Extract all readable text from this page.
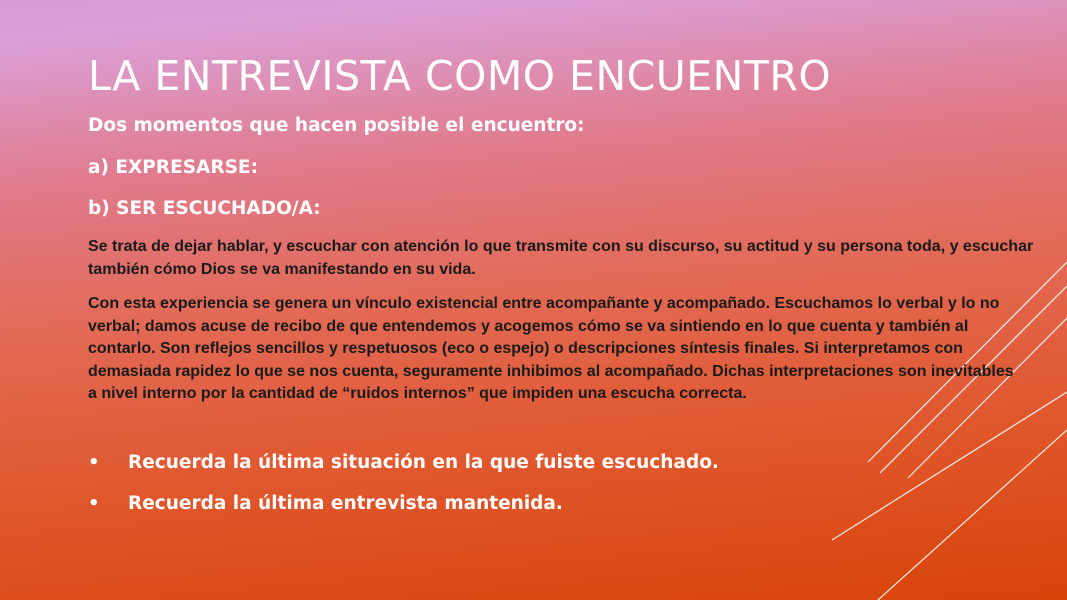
LA ENTREVISTA COMO ENCUENTRO

Dos momentos que hacen posible el encuentro:

a) EXPRESARSE:

b) SER ESCUCHADO/A:

Se trata de dejar hablar, y escuchar con atención lo que transmite con su discurso, su actitud y su persona toda, y escuchar también cómo Dios se va manifestando en su vida.

Con esta experiencia se genera un vínculo existencial entre acompañante y acompañado. Escuchamos lo verbal y lo no verbal; damos acuse de recibo de que entendemos y acogemos cómo se va sintiendo en lo que cuenta y también al contarlo. Son reflejos sencillos y respetuosos (eco o espejo) o descripciones síntesis finales. Si interpretamos con demasiada rapidez lo que se nos cuenta, seguramente inhibimos al acompañado. Dichas interpretaciones son inevitables a nivel interno por la cantidad de “ruidos internos” que impiden una escucha correcta.

•	Recuerda la última situación en la que fuiste escuchado.
•	Recuerda la última entrevista mantenida.
